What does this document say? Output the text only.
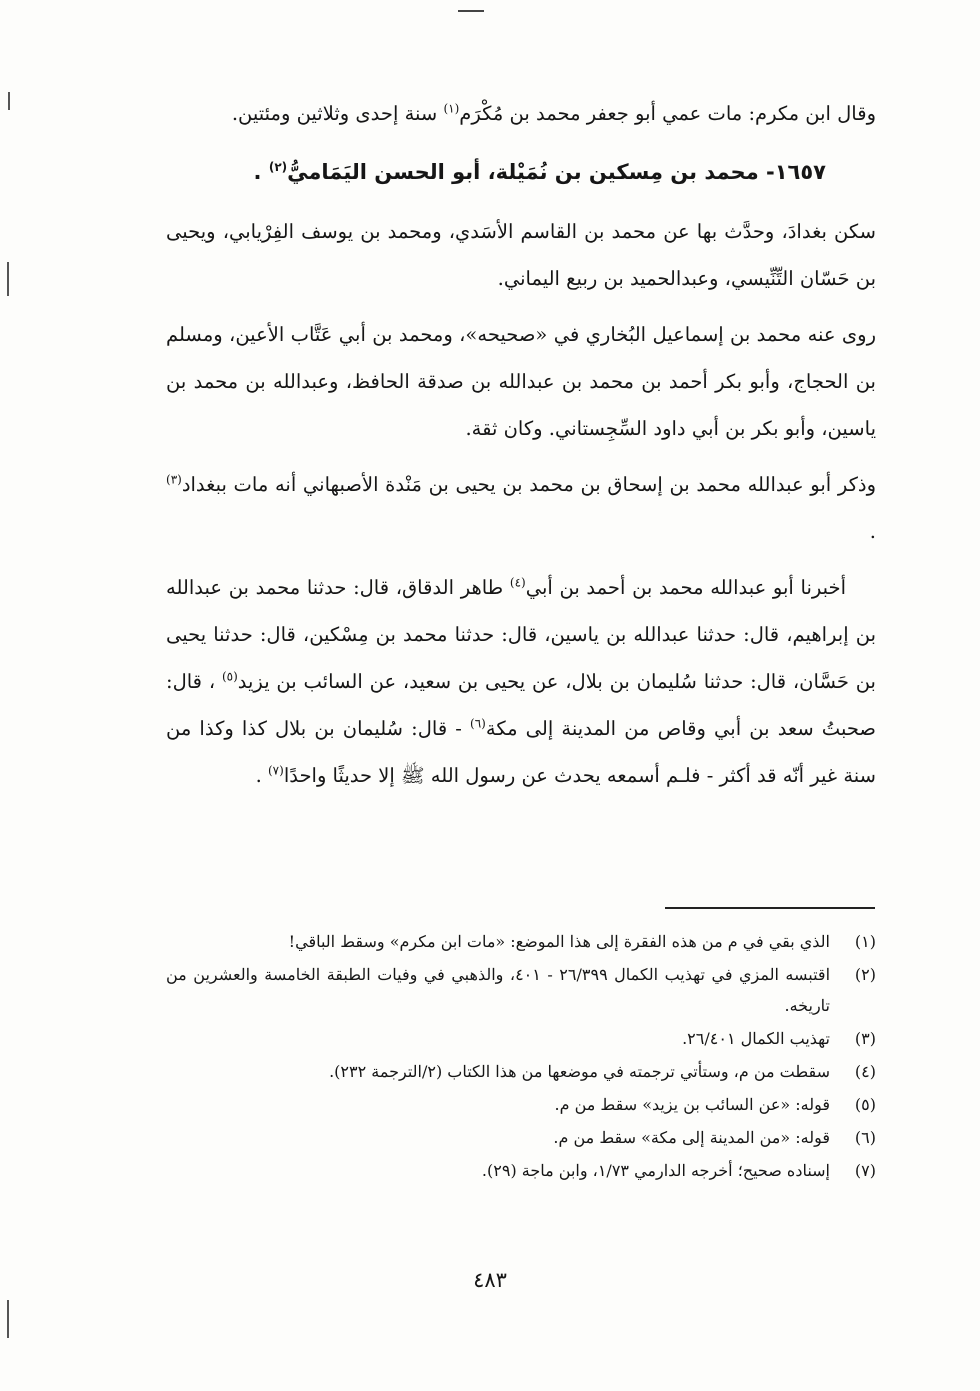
وقال ابن مكرم: مات عمي أبو جعفر محمد بن مُكْرَم$^{(١)}$ سنة إحدى وثلاثين ومئتين.

١٦٥٧- محمد بن مِسكين بن نُمَيْلة، أبو الحسن اليَمَاميُّ$^{(٢)}$ .

سكن بغدادَ، وحدَّث بها عن محمد بن القاسم الأسَدي، ومحمد بن يوسف الفِرْيابي، ويحيى بن حَسّان التِّنِّيسي، وعبدالحميد بن ربيع اليماني.

روى عنه محمد بن إسماعيل البُخاري في «صحيحه»، ومحمد بن أبي عَتَّاب الأعين، ومسلم بن الحجاج، وأبو بكر أحمد بن محمد بن عبدالله بن صدقة الحافظ، وعبدالله بن محمد بن ياسين، وأبو بكر بن أبي داود السِّجِستاني. وكان ثقة.

وذكر أبو عبدالله محمد بن إسحاق بن محمد بن يحيى بن مَنْدة الأصبهاني أنه مات ببغداد$^{(٣)}$ .

أخبرنا أبو عبدالله محمد بن أحمد بن أبي$^{(٤)}$ طاهر الدقاق، قال: حدثنا محمد بن عبدالله بن إبراهيم، قال: حدثنا عبدالله بن ياسين، قال: حدثنا محمد بن مِسْكين، قال: حدثنا يحيى بن حَسَّان، قال: حدثنا سُليمان بن بلال، عن يحيى بن سعيد، عن السائب بن يزيد$^{(٥)}$ ، قال: صحبتُ سعد بن أبي وقاص من المدينة إلى مكة$^{(٦)}$ - قال: سُليمان بن بلال كذا وكذا من سنة غير أنّه قد أكثر - فلـم أسمعه يحدث عن رسول الله ﷺ إلا حديثًا واحدًا$^{(٧)}$ .

(١)
الذي بقي في م من هذه الفقرة إلى هذا الموضع: «مات ابن مكرم» وسقط الباقي!
(٢)
اقتبسه المزي في تهذيب الكمال ٢٦/٣٩٩ - ٤٠١، والذهبي في وفيات الطبقة الخامسة والعشرين من تاريخه.
(٣)
تهذيب الكمال ٢٦/٤٠١.
(٤)
سقطت من م، وستأتي ترجمته في موضعها من هذا الكتاب (٢/الترجمة ٢٣٢).
(٥)
قوله: «عن السائب بن يزيد» سقط من م.
(٦)
قوله: «من المدينة إلى مكة» سقط من م.
(٧)
إسناده صحيح؛ أخرجه الدارمي ١/٧٣، وابن ماجة (٢٩).
٤٨٣
